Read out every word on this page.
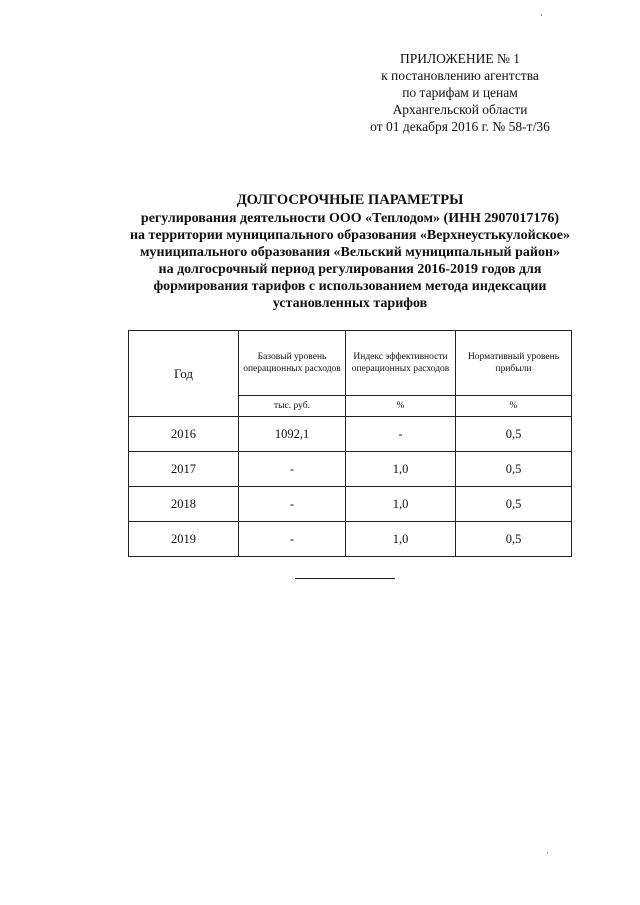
ПРИЛОЖЕНИЕ № 1
к постановлению агентства
по тарифам и ценам
Архангельской области
от 01 декабря 2016 г. № 58-т/36
ДОЛГОСРОЧНЫЕ ПАРАМЕТРЫ
регулирования деятельности ООО «Теплодом» (ИНН 2907017176)
на территории муниципального образования «Верхнеустькулойское»
муниципального образования «Вельский муниципальный район»
на долгосрочный период регулирования 2016-2019 годов для
формирования тарифов с использованием метода индексации
установленных тарифов
Год	Базовый уровень операционных расходов	Индекс эффективности операционных расходов	Нормативный уровень прибыли
	тыс. руб.	%	%
2016	1092,1	-	0,5
2017	-	1,0	0,5
2018	-	1,0	0,5
2019	-	1,0	0,5
